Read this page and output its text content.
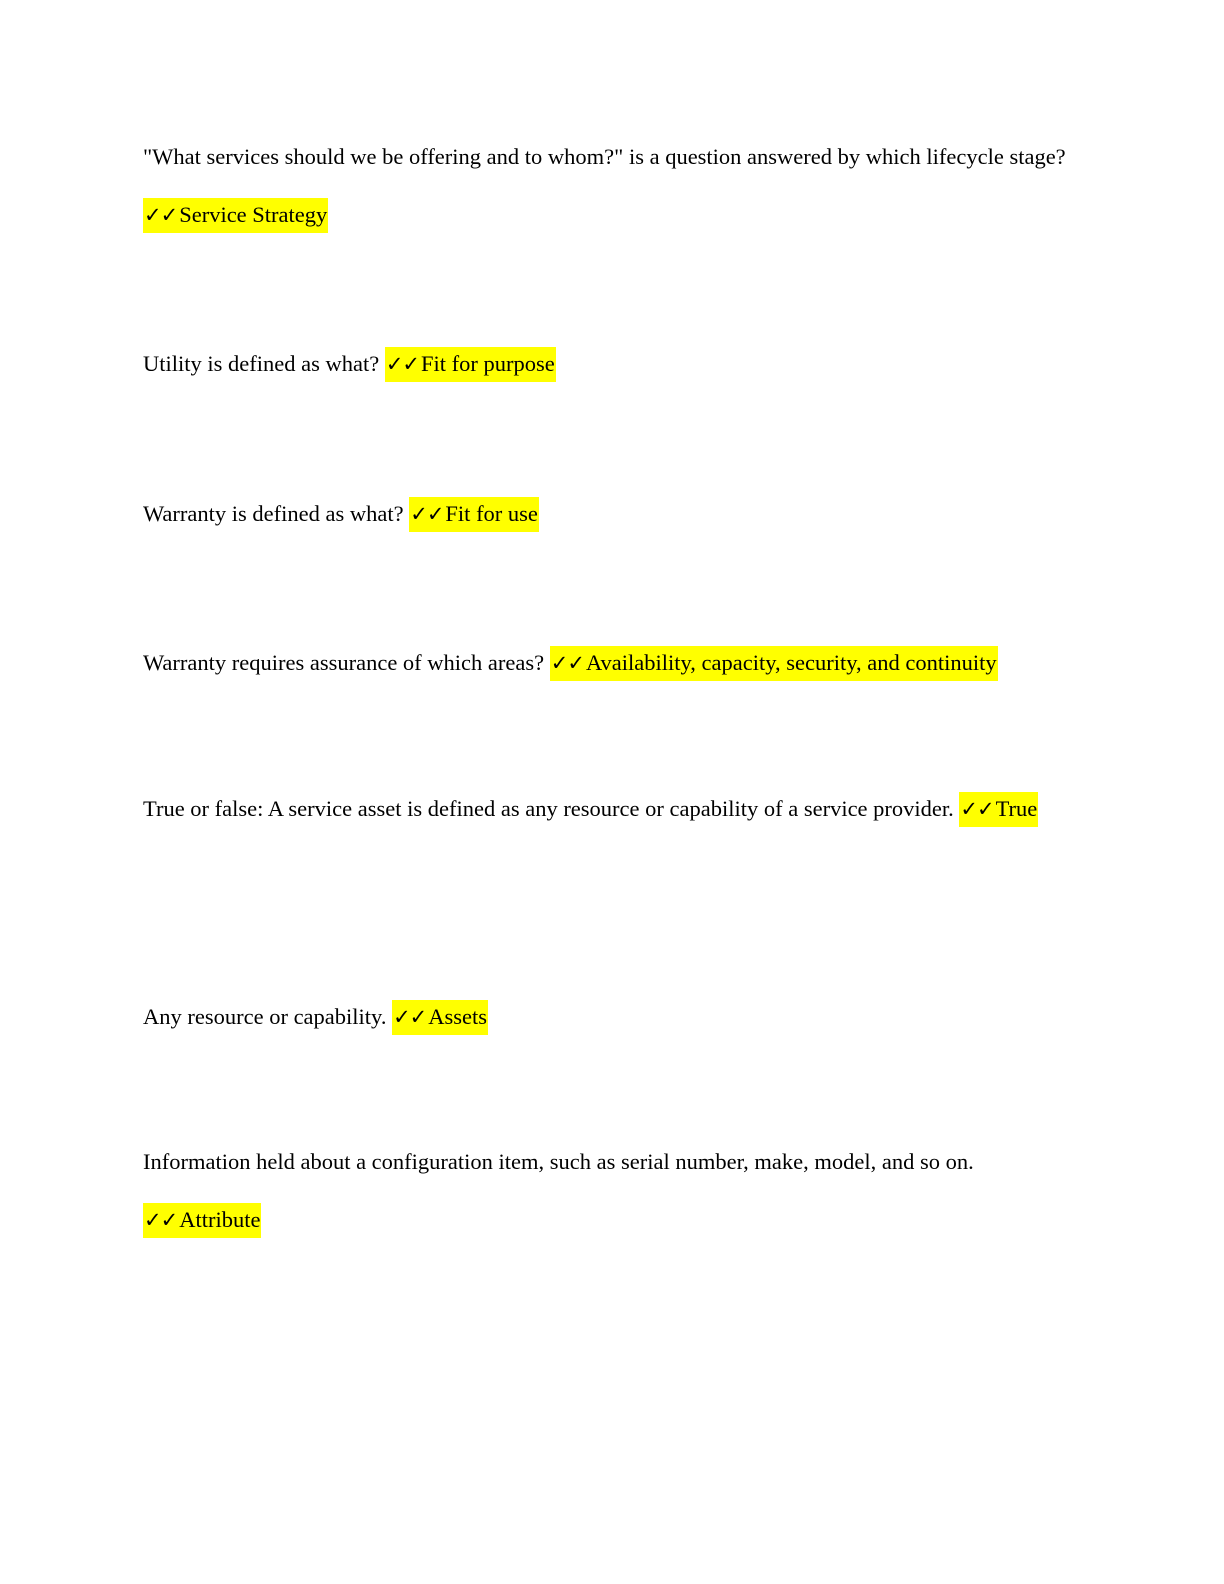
"What services should we be offering and to whom?" is a question answered by which lifecycle stage? ✓✓Service Strategy

Utility is defined as what? ✓✓Fit for purpose

Warranty is defined as what? ✓✓Fit for use

Warranty requires assurance of which areas? ✓✓Availability, capacity, security, and continuity

True or false: A service asset is defined as any resource or capability of a service provider. ✓✓True

Any resource or capability. ✓✓Assets

Information held about a configuration item, such as serial number, make, model, and so on. ✓✓Attribute
